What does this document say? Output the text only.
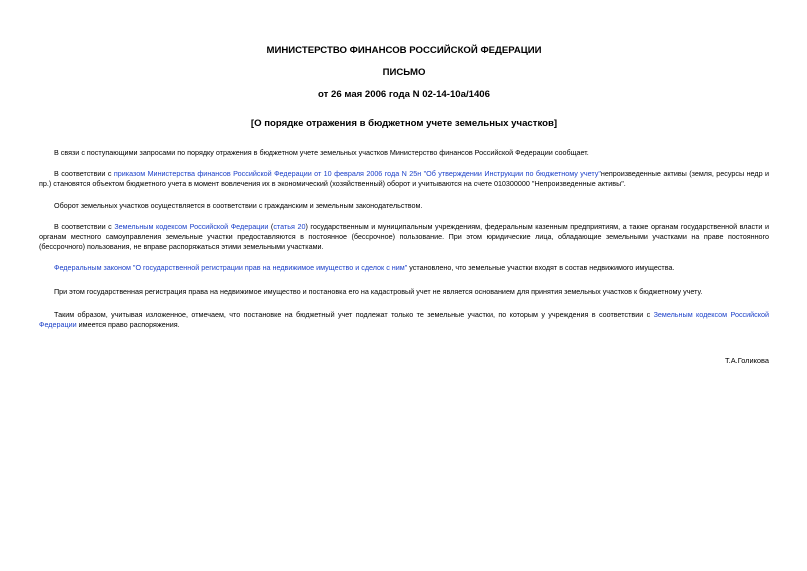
МИНИСТЕРСТВО ФИНАНСОВ РОССИЙСКОЙ ФЕДЕРАЦИИ
ПИСЬМО
от 26 мая 2006 года N 02-14-10а/1406
[О порядке отражения в бюджетном учете земельных участков]

В связи с поступающими запросами по порядку отражения в бюджетном учете земельных участков Министерство финансов Российской Федерации сообщает.

В соответствии с приказом Министерства финансов Российской Федерации от 10 февраля 2006 года N 25н "Об утверждении Инструкции по бюджетному учету"непроизведенные активы (земля, ресурсы недр и пр.) становятся объектом бюджетного учета в момент вовлечения их в экономический (хозяйственный) оборот и учитываются на счете 010300000 "Непроизведенные активы".

Оборот земельных участков осуществляется в соответствии с гражданским и земельным законодательством.

В соответствии с Земельным кодексом Российской Федерации (статья 20) государственным и муниципальным учреждениям, федеральным казенным предприятиям, а также органам государственной власти и органам местного самоуправления земельные участки предоставляются в постоянное (бессрочное) пользование. При этом юридические лица, обладающие земельными участками на праве постоянного (бессрочного) пользования, не вправе распоряжаться этими земельными участками.

Федеральным законом "О государственной регистрации прав на недвижимое имущество и сделок с ним" установлено, что земельные участки входят в состав недвижимого имущества.

При этом государственная регистрация права на недвижимое имущество и постановка его на кадастровый учет не является основанием для принятия земельных участков к бюджетному учету.

Таким образом, учитывая изложенное, отмечаем, что постановке на бюджетный учет подлежат только те земельные участки, по которым у учреждения в соответствии с Земельным кодексом Российской Федерации имеется право распоряжения.

Т.А.Голикова
